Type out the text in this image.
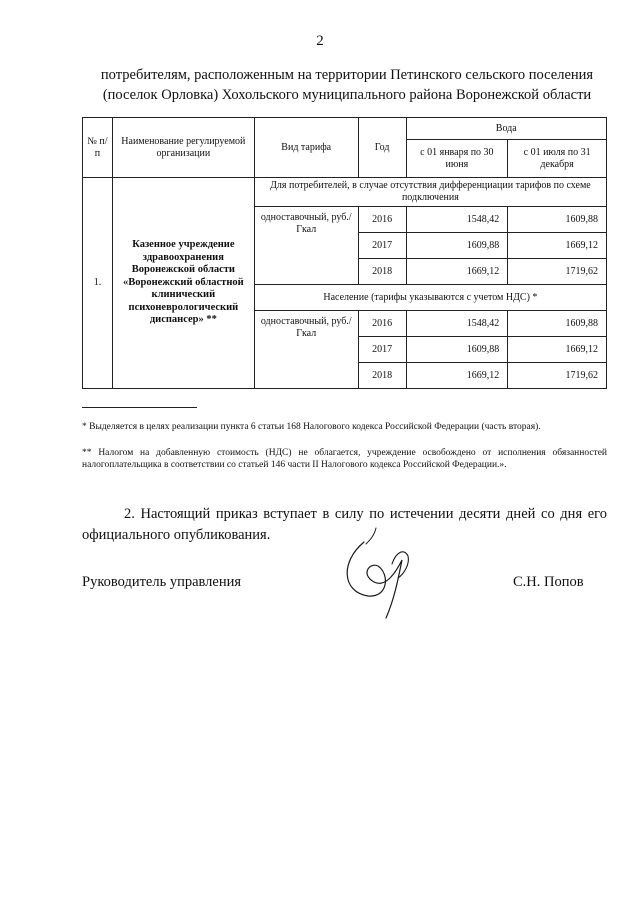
2
потребителям, расположенным на территории Петинского сельского поселения
(поселок Орловка) Хохольского муниципального района Воронежской области
№ п/п	Наименование регулируемой организации	Вид тарифа	Год	Вода	
				с 01 января по 30 июня	с 01 июля по 31 декабря
1.	Казенное учреждение здравоохранения Воронежской области «Воронежский областной клинический психоневрологический диспансер» **	Для потребителей, в случае отсутствия дифференциации тарифов по схеме подключения			
		одноставочный, руб./Гкал	2016	1548,42	1609,88
			2017	1609,88	1669,12
			2018	1669,12	1719,62
		Население (тарифы указываются с учетом НДС) *			
		одноставочный, руб./Гкал	2016	1548,42	1609,88
			2017	1609,88	1669,12
			2018	1669,12	1719,62
* Выделяется в целях реализации пункта 6 статьи 168 Налогового кодекса Российской Федерации (часть вторая).
** Налогом на добавленную стоимость (НДС) не облагается, учреждение освобождено от исполнения обязанностей налогоплательщика в соответствии со статьей 146 части II Налогового кодекса Российской Федерации.».
2. Настоящий приказ вступает в силу по истечении десяти дней со дня его официального опубликования.
Руководитель управления	С.Н. Попов
